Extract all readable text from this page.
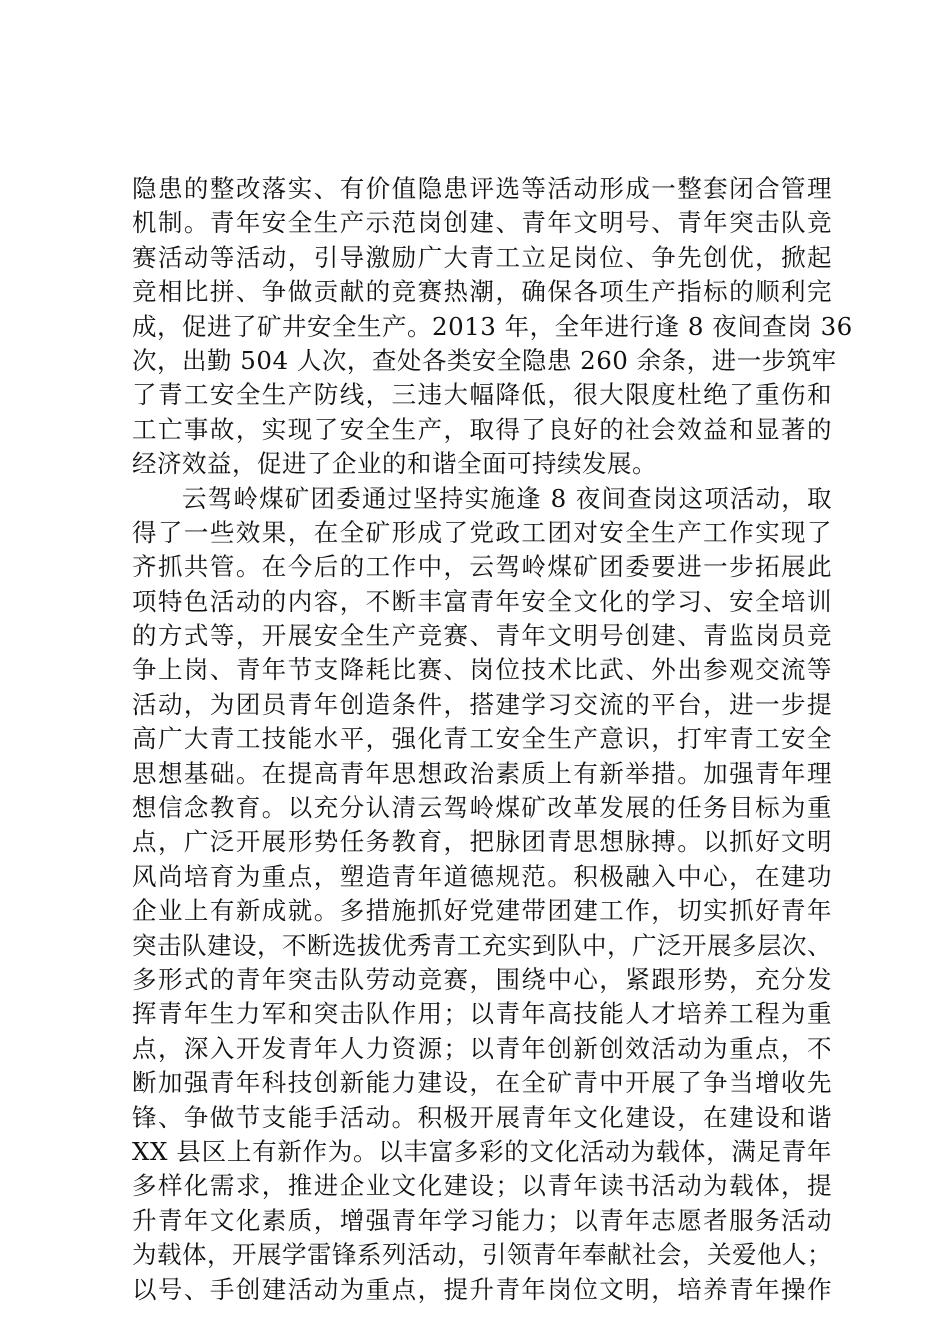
隐患的整改落实、有价值隐患评选等活动形成一整套闭合管理
机制。青年安全生产示范岗创建、青年文明号、青年突击队竞
赛活动等活动，引导激励广大青工立足岗位、争先创优，掀起
竞相比拼、争做贡献的竞赛热潮，确保各项生产指标的顺利完
成，促进了矿井安全生产。2013 年，全年进行逢 8 夜间查岗 36
次，出勤 504 人次，查处各类安全隐患 260 余条，进一步筑牢
了青工安全生产防线，三违大幅降低，很大限度杜绝了重伤和
工亡事故，实现了安全生产，取得了良好的社会效益和显著的
经济效益，促进了企业的和谐全面可持续发展。
云驾岭煤矿团委通过坚持实施逢 8 夜间查岗这项活动，取
得了一些效果，在全矿形成了党政工团对安全生产工作实现了
齐抓共管。在今后的工作中，云驾岭煤矿团委要进一步拓展此
项特色活动的内容，不断丰富青年安全文化的学习、安全培训
的方式等，开展安全生产竞赛、青年文明号创建、青监岗员竞
争上岗、青年节支降耗比赛、岗位技术比武、外出参观交流等
活动，为团员青年创造条件，搭建学习交流的平台，进一步提
高广大青工技能水平，强化青工安全生产意识，打牢青工安全
思想基础。在提高青年思想政治素质上有新举措。加强青年理
想信念教育。以充分认清云驾岭煤矿改革发展的任务目标为重
点，广泛开展形势任务教育，把脉团青思想脉搏。以抓好文明
风尚培育为重点，塑造青年道德规范。积极融入中心，在建功
企业上有新成就。多措施抓好党建带团建工作，切实抓好青年
突击队建设，不断选拔优秀青工充实到队中，广泛开展多层次、
多形式的青年突击队劳动竞赛，围绕中心，紧跟形势，充分发
挥青年生力军和突击队作用；以青年高技能人才培养工程为重
点，深入开发青年人力资源；以青年创新创效活动为重点，不
断加强青年科技创新能力建设，在全矿青中开展了争当增收先
锋、争做节支能手活动。积极开展青年文化建设，在建设和谐
XX 县区上有新作为。以丰富多彩的文化活动为载体，满足青年
多样化需求，推进企业文化建设；以青年读书活动为载体，提
升青年文化素质，增强青年学习能力；以青年志愿者服务活动
为载体，开展学雷锋系列活动，引领青年奉献社会，关爱他人；
以号、手创建活动为重点，提升青年岗位文明，培养青年操作
